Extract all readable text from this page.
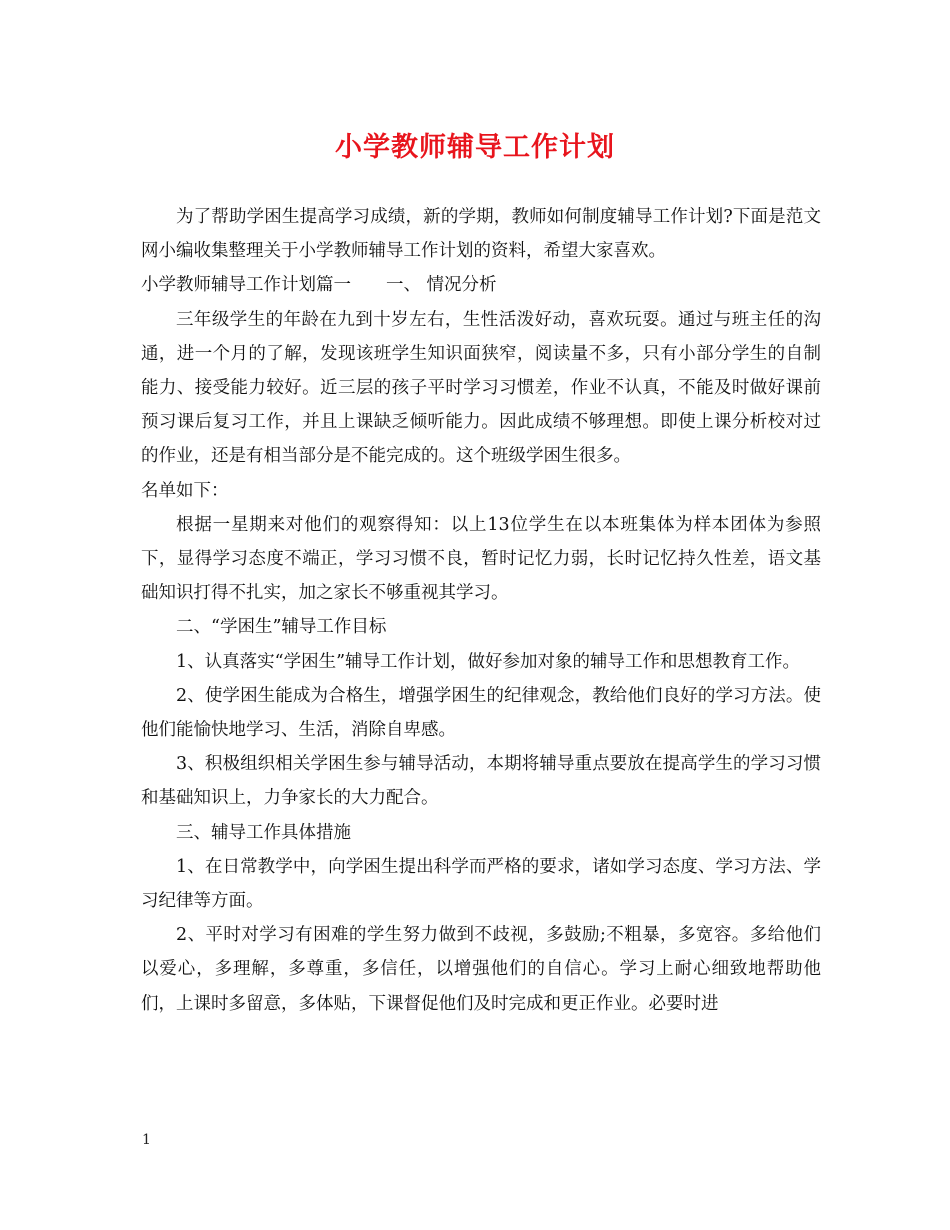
小学教师辅导工作计划

为了帮助学困生提高学习成绩，新的学期，教师如何制度辅导工作计划?下面是范文网小编收集整理关于小学教师辅导工作计划的资料，希望大家喜欢。

小学教师辅导工作计划篇一　　一、 情况分析

三年级学生的年龄在九到十岁左右，生性活泼好动，喜欢玩耍。通过与班主任的沟通，进一个月的了解，发现该班学生知识面狭窄，阅读量不多，只有小部分学生的自制能力、接受能力较好。近三层的孩子平时学习习惯差，作业不认真，不能及时做好课前预习课后复习工作，并且上课缺乏倾听能力。因此成绩不够理想。即使上课分析校对过的作业，还是有相当部分是不能完成的。这个班级学困生很多。

名单如下：

根据一星期来对他们的观察得知：以上13位学生在以本班集体为样本团体为参照下，显得学习态度不端正，学习习惯不良，暂时记忆力弱，长时记忆持久性差，语文基础知识打得不扎实，加之家长不够重视其学习。

二、“学困生”辅导工作目标

1、认真落实“学困生”辅导工作计划，做好参加对象的辅导工作和思想教育工作。

2、使学困生能成为合格生，增强学困生的纪律观念，教给他们良好的学习方法。使他们能愉快地学习、生活，消除自卑感。

3、积极组织相关学困生参与辅导活动，本期将辅导重点要放在提高学生的学习习惯和基础知识上，力争家长的大力配合。

三、辅导工作具体措施

1、在日常教学中，向学困生提出科学而严格的要求，诸如学习态度、学习方法、学习纪律等方面。

2、平时对学习有困难的学生努力做到不歧视，多鼓励;不粗暴，多宽容。多给他们以爱心，多理解，多尊重，多信任，以增强他们的自信心。学习上耐心细致地帮助他们，上课时多留意，多体贴，下课督促他们及时完成和更正作业。必要时进

1
